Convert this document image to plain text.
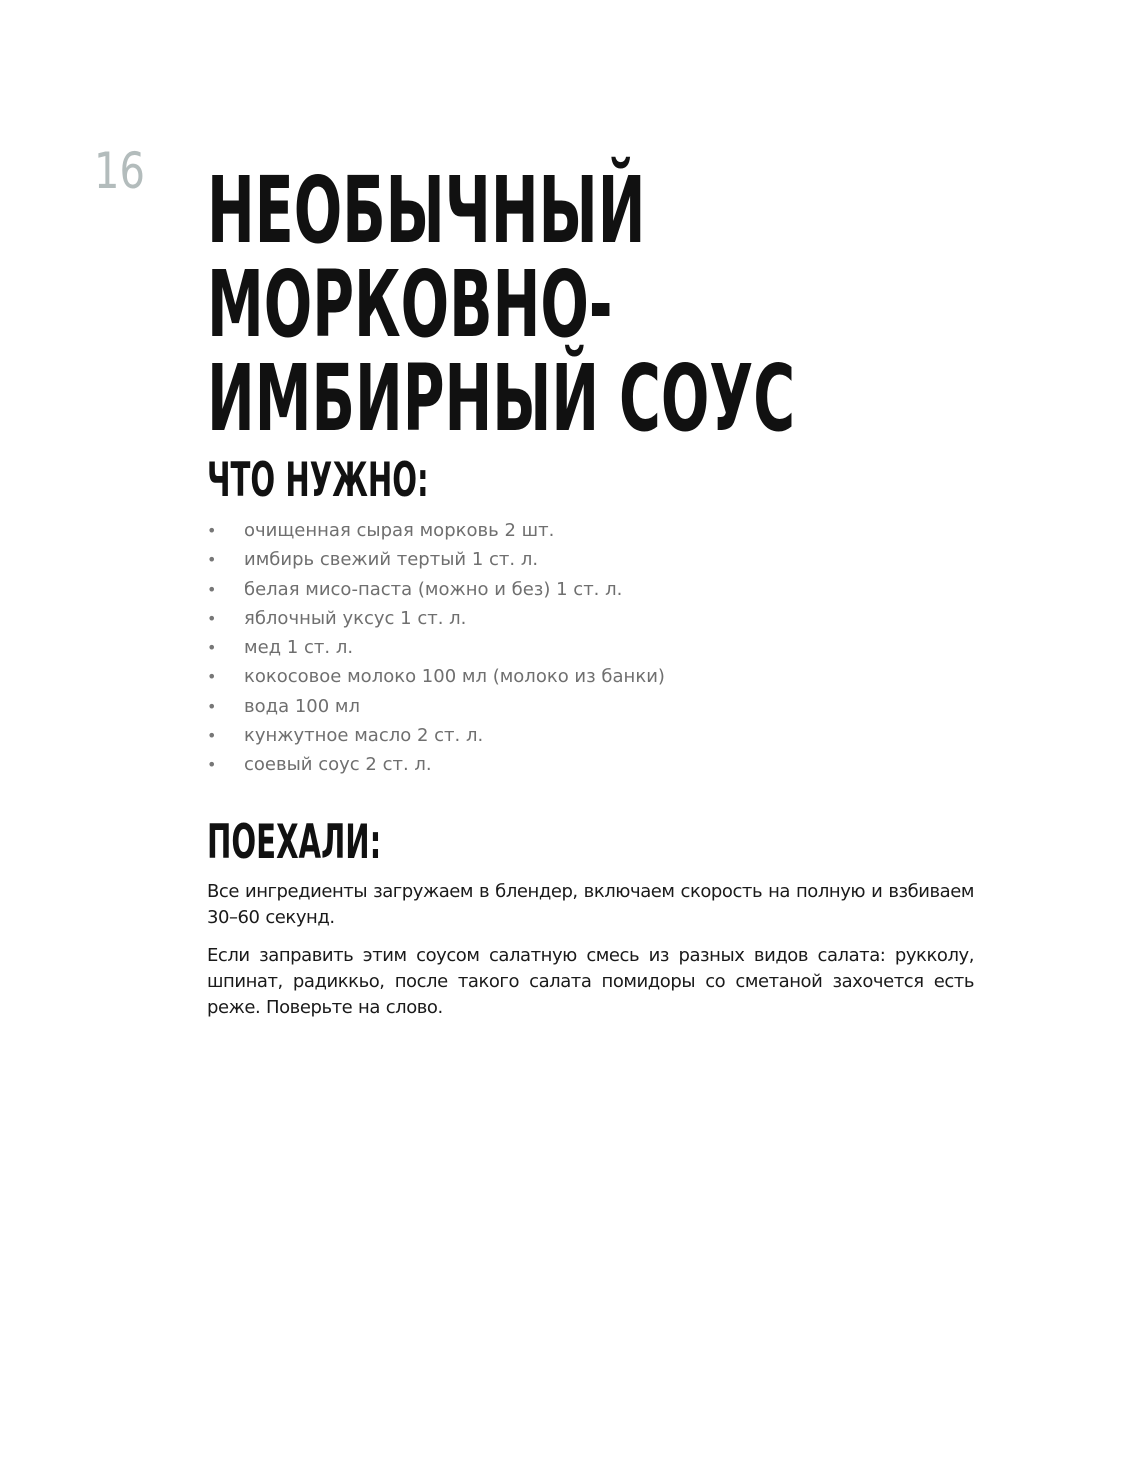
16 НЕОБЫЧНЫЙ
МОРКОВНО-
ИМБИРНЫЙ СОУС
ЧТО НУЖНО:
• очищенная сырая морковь 2 шт.
• имбирь свежий тертый 1 ст. л.
• белая мисо-паста (можно и без) 1 ст. л.
• яблочный уксус 1 ст. л.
• мед 1 ст. л.
• кокосовое молоко 100 мл (молоко из банки)
• вода 100 мл
• кунжутное масло 2 ст. л.
• соевый соус 2 ст. л.
ПОЕХАЛИ:

Все ингредиенты загружаем в блендер, включаем скорость на полную и взбиваем 30–60 секунд.

Если заправить этим соусом салатную смесь из разных видов салата: рукколу, шпинат, радиккьо, после такого салата помидоры со сметаной захочется есть реже. Поверьте на слово.
